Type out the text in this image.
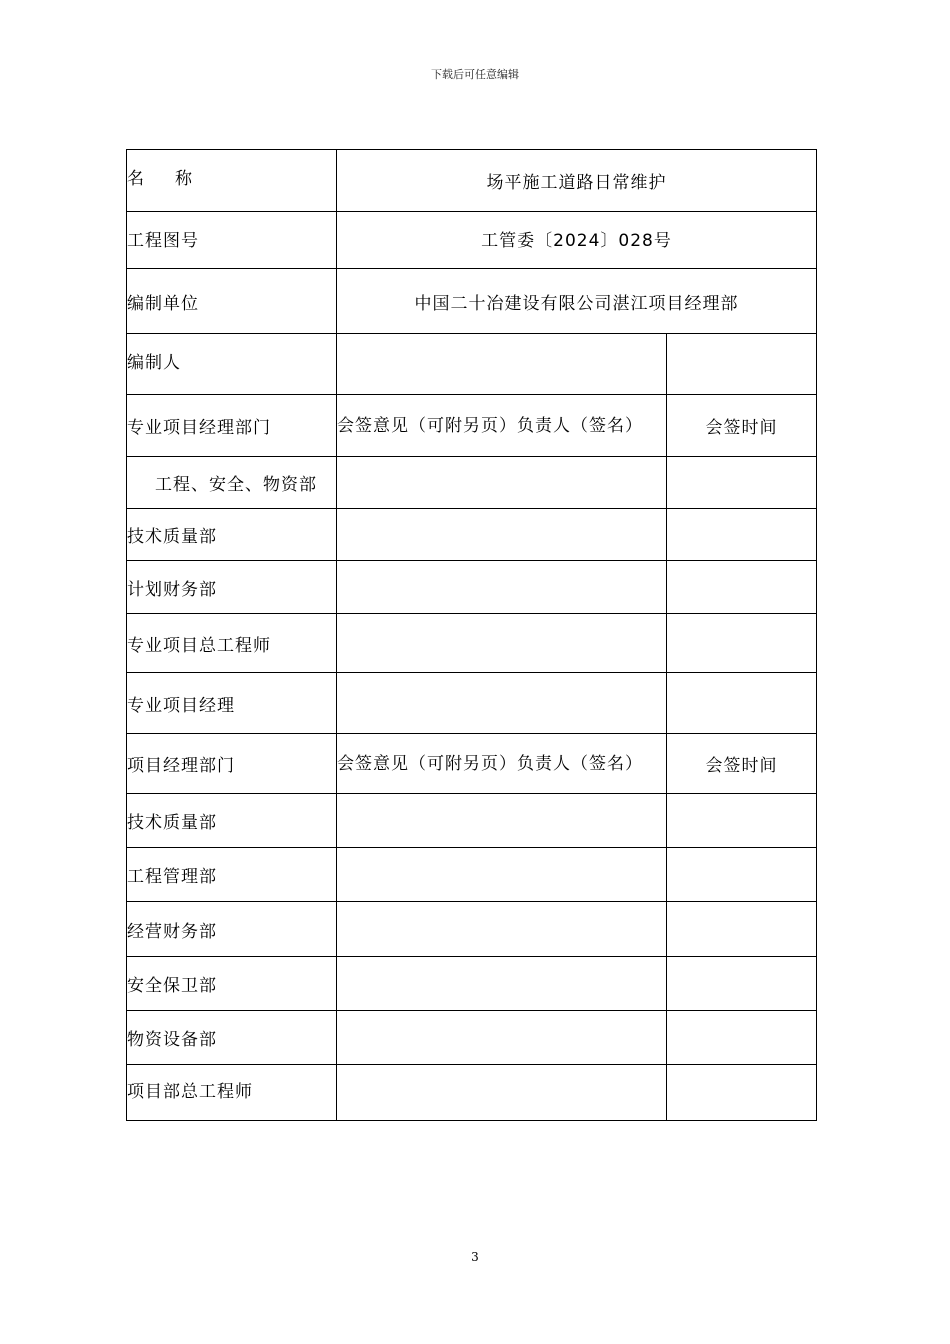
下载后可任意编辑
名 称	场平施工道路日常维护	
工程图号	工管委〔2024〕028号	
编制单位	中国二十冶建设有限公司湛江项目经理部	
编制人		
专业项目经理部门	会签意见（可附另页）负责人（签名）	会签时间
工程、安全、物资部		
技术质量部		
计划财务部		
专业项目总工程师		
专业项目经理		
项目经理部门	会签意见（可附另页）负责人（签名）	会签时间
技术质量部		
工程管理部		
经营财务部		
安全保卫部		
物资设备部		
项目部总工程师		
3
